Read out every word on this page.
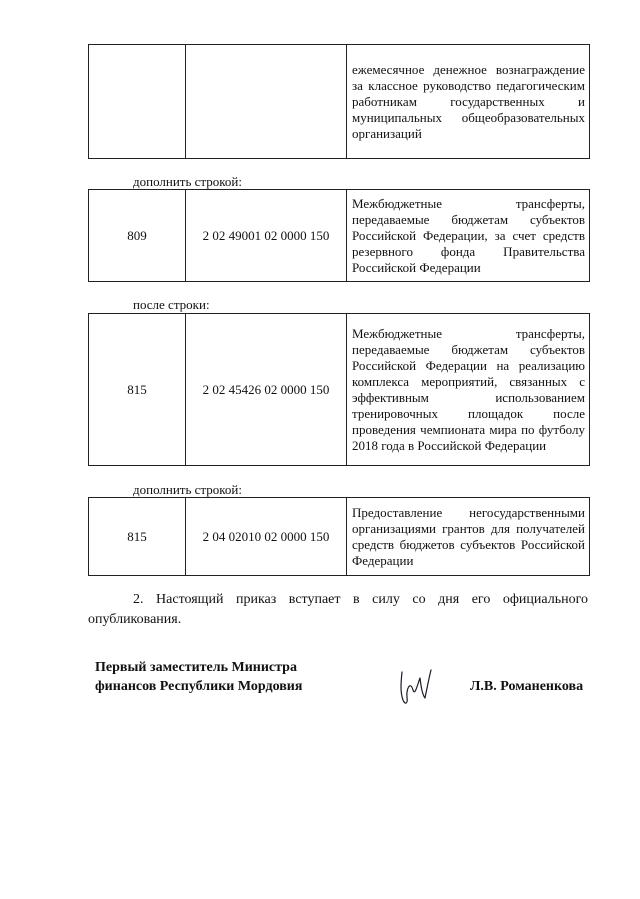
		ежемесячное денежное вознаграждение за классное руководство педагогическим работникам государственных и муниципальных общеобразовательных организаций

дополнить строкой:

809	2 02 49001 02 0000 150	Межбюджетные трансферты, передаваемые бюджетам субъектов Российской Федерации, за счет средств резервного фонда Правительства Российской Федерации

после строки:

815	2 02 45426 02 0000 150	Межбюджетные трансферты, передаваемые бюджетам субъектов Российской Федерации на реализацию комплекса мероприятий, связанных с эффективным использованием тренировочных площадок после проведения чемпионата мира по футболу 2018 года в Российской Федерации

дополнить строкой:

815	2 04 02010 02 0000 150	Предоставление негосударственными организациями грантов для получателей средств бюджетов субъектов Российской Федерации

2. Настоящий приказ вступает в силу со дня его официального опубликования.

Первый заместитель Министра

финансов Республики Мордовия	Л.В. Романенкова
